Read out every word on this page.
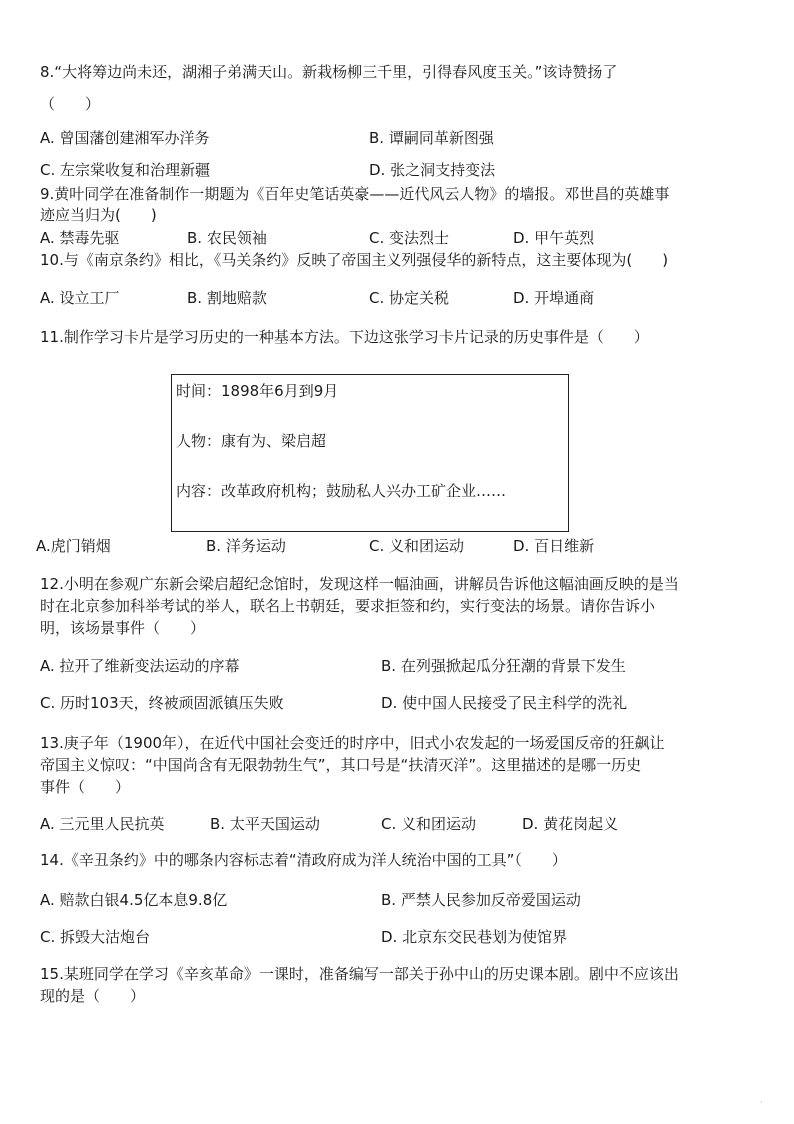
8.“大将筹边尚未还，湖湘子弟满天山。新栽杨柳三千里，引得春风度玉关。”该诗赞扬了
（　　）
A. 曾国藩创建湘军办洋务	B. 谭嗣同革新图强
C. 左宗棠收复和治理新疆	D. 张之洞支持变法
9.黄叶同学在准备制作一期题为《百年史笔话英豪——近代风云人物》的墙报。邓世昌的英雄事
迹应当归为(　　)
A. 禁毒先驱	B. 农民领袖	C. 变法烈士	D. 甲午英烈
10.与《南京条约》相比，《马关条约》反映了帝国主义列强侵华的新特点，这主要体现为(　　)
A. 设立工厂	B. 割地赔款	C. 协定关税	D. 开埠通商
11.制作学习卡片是学习历史的一种基本方法。下边这张学习卡片记录的历史事件是（　　）
时间：1898年6月到9月
人物：康有为、梁启超
内容：改革政府机构；鼓励私人兴办工矿企业……
A.虎门销烟	B. 洋务运动	C. 义和团运动	D. 百日维新
12.小明在参观广东新会梁启超纪念馆时，发现这样一幅油画，讲解员告诉他这幅油画反映的是当
时在北京参加科举考试的举人，联名上书朝廷，要求拒签和约，实行变法的场景。请你告诉小
明，该场景事件（　　）
A. 拉开了维新变法运动的序幕	B. 在列强掀起瓜分狂潮的背景下发生
C. 历时103天，终被顽固派镇压失败	D. 使中国人民接受了民主科学的洗礼
13.庚子年（1900年），在近代中国社会变迁的时序中，旧式小农发起的一场爱国反帝的狂飙让
帝国主义惊叹：“中国尚含有无限勃勃生气”，其口号是“扶清灭洋”。这里描述的是哪一历史
事件（　　）
A. 三元里人民抗英	B. 太平天国运动	C. 义和团运动	D. 黄花岗起义
14.《辛丑条约》中的哪条内容标志着“清政府成为洋人统治中国的工具”（　　）
A. 赔款白银4.5亿本息9.8亿	B. 严禁人民参加反帝爱国运动
C. 拆毁大沽炮台	D. 北京东交民巷划为使馆界
15.某班同学在学习《辛亥革命》一课时，准备编写一部关于孙中山的历史课本剧。剧中不应该出
现的是（　　）
·
